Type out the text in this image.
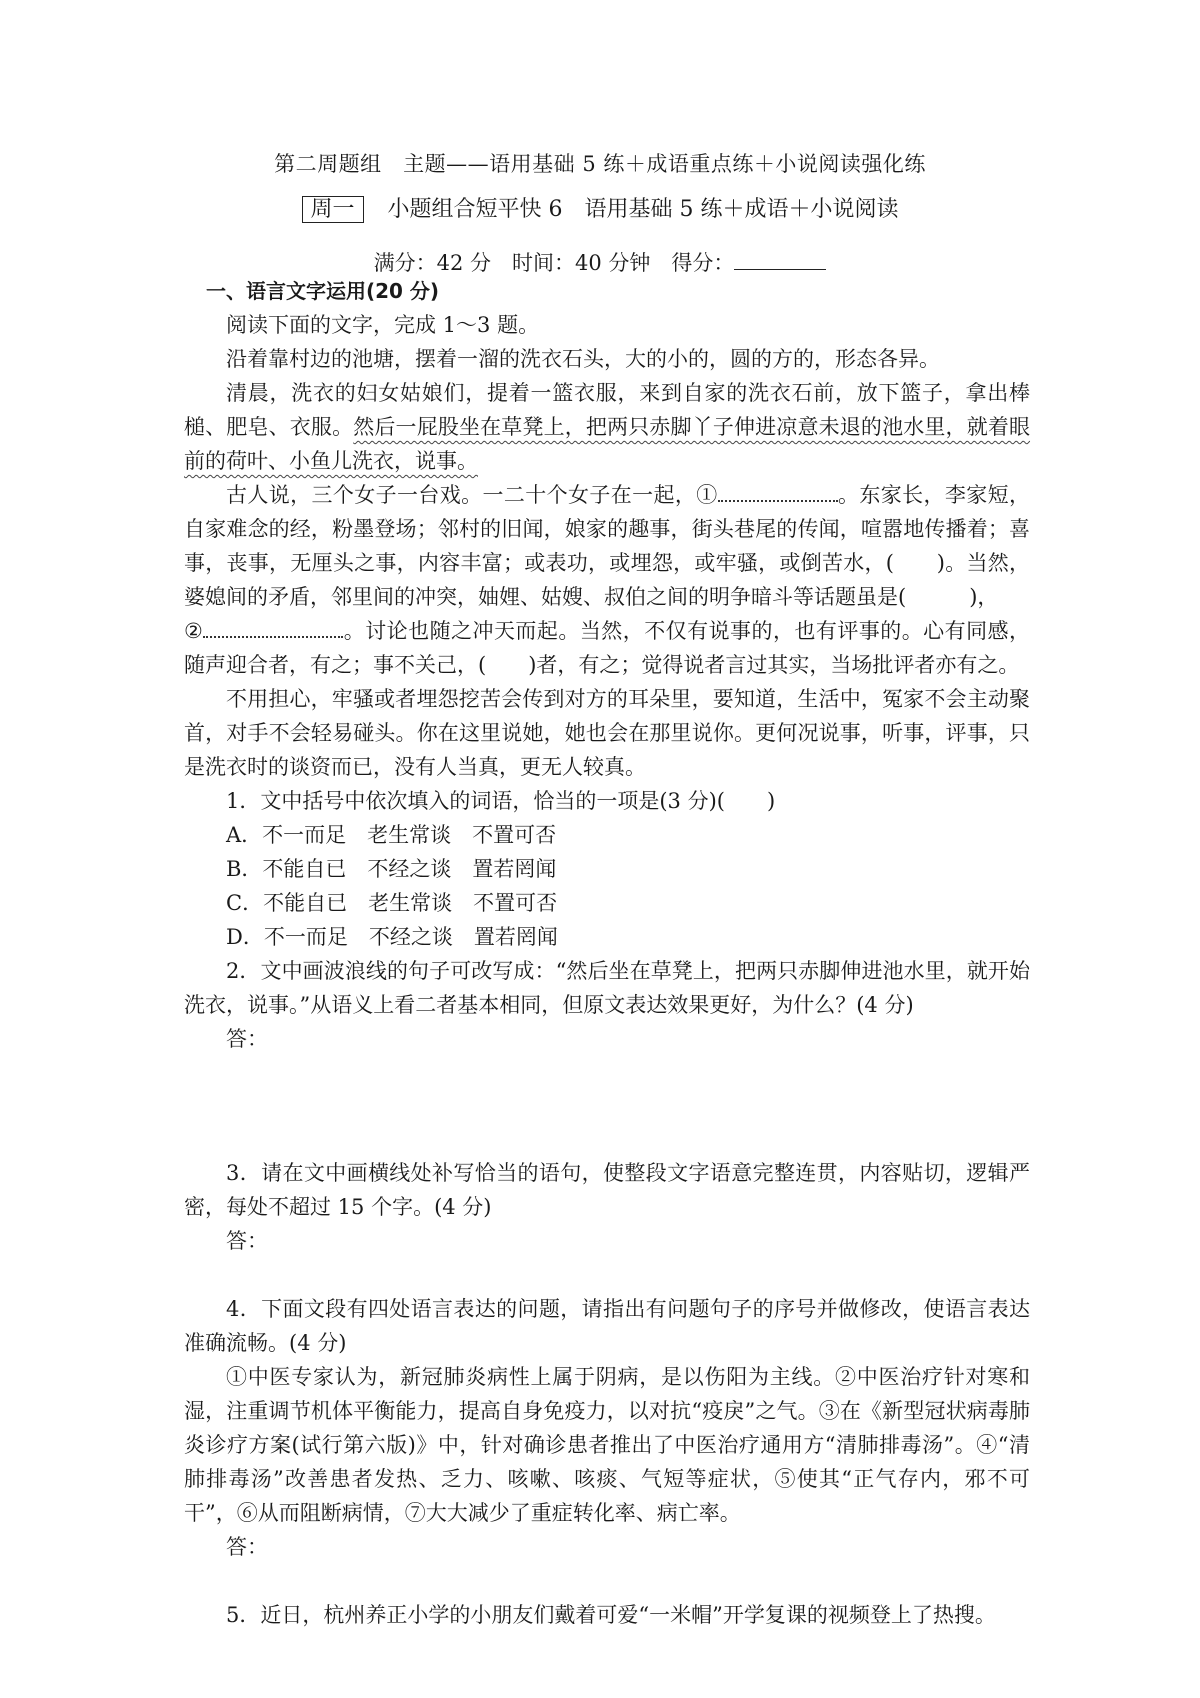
第二周题组　主题——语用基础 5 练＋成语重点练＋小说阅读强化练
周一 小题组合短平快 6　语用基础 5 练＋成语＋小说阅读
满分：42 分　时间：40 分钟　得分：

一、语言文字运用(20 分)

阅读下面的文字，完成 1～3 题。

沿着靠村边的池塘，摆着一溜的洗衣石头，大的小的，圆的方的，形态各异。

清晨，洗衣的妇女姑娘们，提着一篮衣服，来到自家的洗衣石前，放下篮子，拿出棒槌、肥皂、衣服。然后一屁股坐在草凳上，把两只赤脚丫子伸进凉意未退的池水里，就着眼前的荷叶、小鱼儿洗衣，说事。

古人说，三个女子一台戏。一二十个女子在一起，①	。东家长，李家短，自家难念的经，粉墨登场；邻村的旧闻，娘家的趣事，街头巷尾的传闻，喧嚣地传播着；喜事，丧事，无厘头之事，内容丰富；或表功，或埋怨，或牢骚，或倒苦水，(　　)。当然，婆媳间的矛盾，邻里间的冲突，妯娌、姑嫂、叔伯之间的明争暗斗等话题虽是(　　　)，
②	。讨论也随之冲天而起。当然，不仅有说事的，也有评事的。心有同感，随声迎合者，有之；事不关己，(　　)者，有之；觉得说者言过其实，当场批评者亦有之。

不用担心，牢骚或者埋怨挖苦会传到对方的耳朵里，要知道，生活中，冤家不会主动聚首，对手不会轻易碰头。你在这里说她，她也会在那里说你。更何况说事，听事，评事，只是洗衣时的谈资而已，没有人当真，更无人较真。

1．文中括号中依次填入的词语，恰当的一项是(3 分)(　　)

A．不一而足　老生常谈　不置可否

B．不能自已　不经之谈　置若罔闻

C．不能自已　老生常谈　不置可否

D．不一而足　不经之谈　置若罔闻

2．文中画波浪线的句子可改写成：“然后坐在草凳上，把两只赤脚伸进池水里，就开始洗衣，说事。”从语义上看二者基本相同，但原文表达效果更好，为什么？(4 分)

答：

3．请在文中画横线处补写恰当的语句，使整段文字语意完整连贯，内容贴切，逻辑严密，每处不超过 15 个字。(4 分)

答：

4．下面文段有四处语言表达的问题，请指出有问题句子的序号并做修改，使语言表达准确流畅。(4 分)

①中医专家认为，新冠肺炎病性上属于阴病，是以伤阳为主线。②中医治疗针对寒和湿，注重调节机体平衡能力，提高自身免疫力，以对抗“疫戾”之气。③在《新型冠状病毒肺炎诊疗方案(试行第六版)》中，针对确诊患者推出了中医治疗通用方“清肺排毒汤”。④“清肺排毒汤”改善患者发热、乏力、咳嗽、咳痰、气短等症状，⑤使其“正气存内，邪不可干”，⑥从而阻断病情，⑦大大减少了重症转化率、病亡率。

答：

5．近日，杭州养正小学的小朋友们戴着可爱“一米帽”开学复课的视频登上了热搜。
